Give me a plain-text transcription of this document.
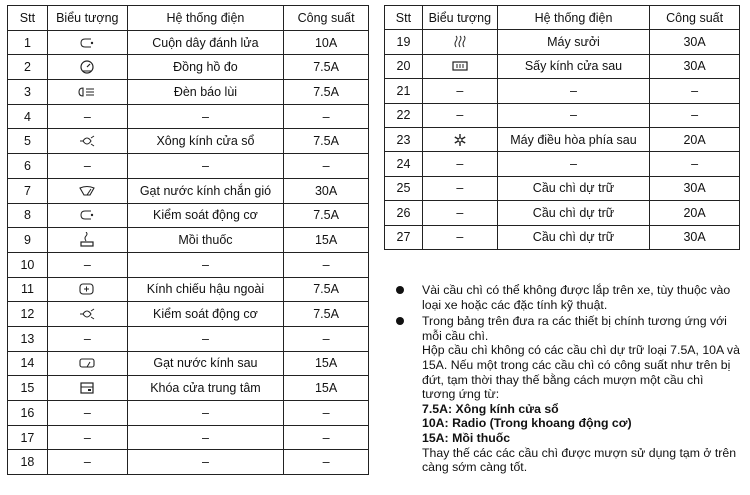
Stt	Biểu tượng	Hệ thống điện	Công suất
1		Cuộn dây đánh lửa	10A
2		Đồng hồ đo	7.5A
3		Đèn báo lùi	7.5A
4	–	–	–
5		Xông kính cửa sổ	7.5A
6	–	–	–
7		Gạt nước kính chắn gió	30A
8		Kiểm soát động cơ	7.5A
9		Mồi thuốc	15A
10	–	–	–
11		Kính chiếu hậu ngoài	7.5A
12		Kiểm soát động cơ	7.5A
13	–	–	–
14		Gạt nước kính sau	15A
15		Khóa cửa trung tâm	15A
16	–	–	–
17	–	–	–
18	–	–	–
Stt	Biểu tượng	Hệ thống điện	Công suất
19		Máy sưởi	30A
20		Sấy kính cửa sau	30A
21	–	–	–
22	–	–	–
23		Máy điều hòa phía sau	20A
24	–	–	–
25	–	Cầu chì dự trữ	30A
26	–	Cầu chì dự trữ	20A
27	–	Cầu chì dự trữ	30A

Vài cầu chì có thể không được lắp trên xe, tùy thuộc vào loại xe hoặc các đặc tính kỹ thuật.

Trong bảng trên đưa ra các thiết bị chính tương ứng với mỗi cầu chì.

Hộp cầu chì không có các cầu chì dự trữ loại 7.5A, 10A và 15A. Nếu một trong các cầu chì có công suất như trên bị đứt, tạm thời thay thế bằng cách mượn một cầu chì tương ứng từ:

7.5A: Xông kính cửa sổ

10A: Radio (Trong khoang động cơ)

15A: Mồi thuốc

Thay thế các các cầu chì được mượn sử dụng tạm ở trên càng sớm càng tốt.
